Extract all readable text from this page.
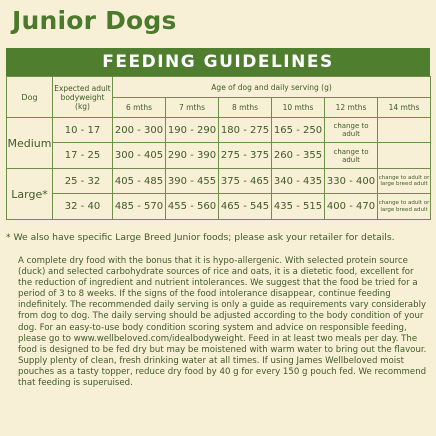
Junior Dogs
FEEDING GUIDELINES
Dog	Expected adult bodyweight (kg)	Age of dog and daily serving (g)					
		6 mths	7 mths	8 mths	10 mths	12 mths	14 mths
Medium	10 - 17	200 - 300	190 - 290	180 - 275	165 - 250	change to adult	
	17 - 25	300 - 405	290 - 390	275 - 375	260 - 355	change to adult	
Large*	25 - 32	405 - 485	390 - 455	375 - 465	340 - 435	330 - 400	change to adult or large breed adult
	32 - 40	485 - 570	455 - 560	465 - 545	435 - 515	400 - 470	change to adult or large breed adult
* We also have specific Large Breed Junior foods; please ask your retailer for details.
A complete dry food with the bonus that it is hypo-allergenic. With selected protein source (duck) and selected carbohydrate sources of rice and oats, it is a dietetic food, excellent for the reduction of ingredient and nutrient intolerances. We suggest that the food be tried for a period of 3 to 8 weeks. If the signs of the food intolerance disappear, continue feeding indefinitely. The recommended daily serving is only a guide as requirements vary considerably from dog to dog. The daily serving should be adjusted according to the body condition of your dog. For an easy-to-use body condition scoring system and advice on responsible feeding, please go to www.wellbeloved.com/idealbodyweight. Feed in at least two meals per day. The food is designed to be fed dry but may be moistened with warm water to bring out the flavour. Supply plenty of clean, fresh drinking water at all times. If using James Wellbeloved moist pouches as a tasty topper, reduce dry food by 40 g for every 150 g pouch fed. We recommend that feeding is superuised.
